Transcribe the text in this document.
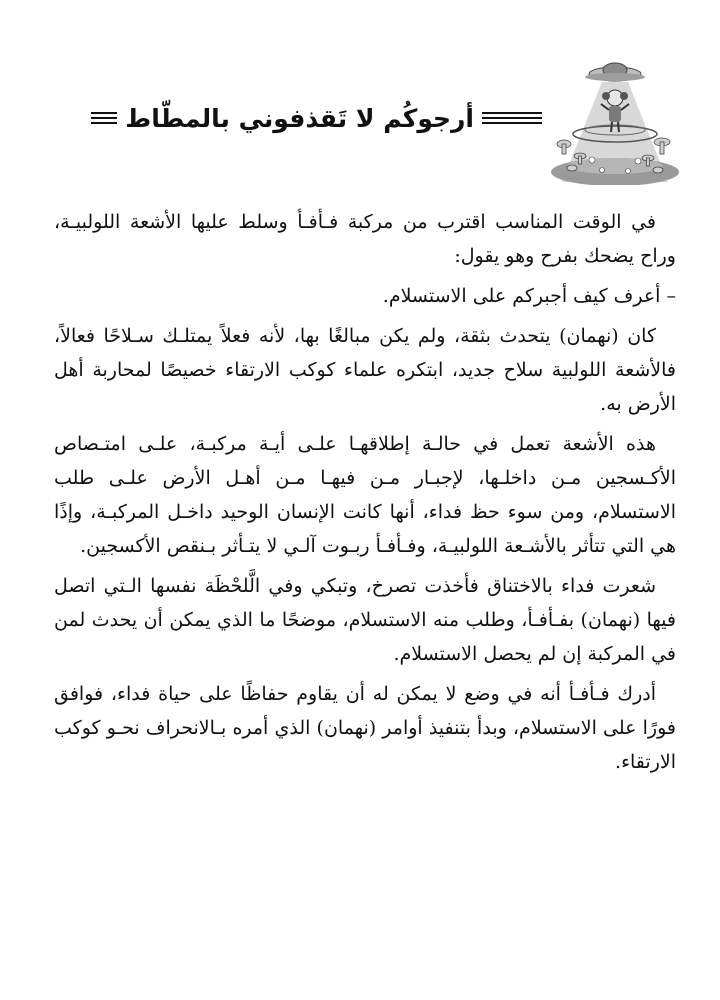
أرجوكُم لا تَقذفوني بالمطّاط

في الوقت المناسب اقترب من مركبة فـأفـأ وسلط عليها الأشعة اللولبيـة، وراح يضحك بفرح وهو يقول:

– أعرف كيف أجبركم على الاستسلام.

كان (نهمان) يتحدث بثقة، ولم يكن مبالغًا بها، لأنه فعلاً يمتلـك سـلاحًا فعالاً، فالأشعة اللولبية سلاح جديد، ابتكره علماء كوكب الارتقاء خصيصًا لمحاربة أهل الأرض به.

هذه الأشعة تعمل في حالـة إطلاقهـا علـى أيـة مركبـة، علـى امتـصاص الأكـسجين مـن داخلـها، لإجبـار مـن فيهـا مـن أهـل الأرض علـى طلب الاستسلام، ومن سوء حظ فداء، أنها كانت الإنسان الوحيد داخـل المركبـة، وإذًا هي التي تتأثر بالأشـعة اللولبيـة، وفـأفـأ ربـوت آلـي لا يتـأثر بـنقص الأكسجين.

شعرت فداء بالاختناق فأخذت تصرخ، وتبكي وفي الَّلحْظَة نفسها الـتي اتصل فيها (نهمان) بفـأفـأ، وطلب منه الاستسلام، موضحًا ما الذي يمكن أن يحدث لمن في المركبة إن لم يحصل الاستسلام.

أدرك فـأفـأ أنه في وضع لا يمكن له أن يقاوم حفاظًا على حياة فداء، فوافق فورًا على الاستسلام، وبدأ بتنفيذ أوامر (نهمان) الذي أمره بـالانحراف نحـو كوكب الارتقاء.
